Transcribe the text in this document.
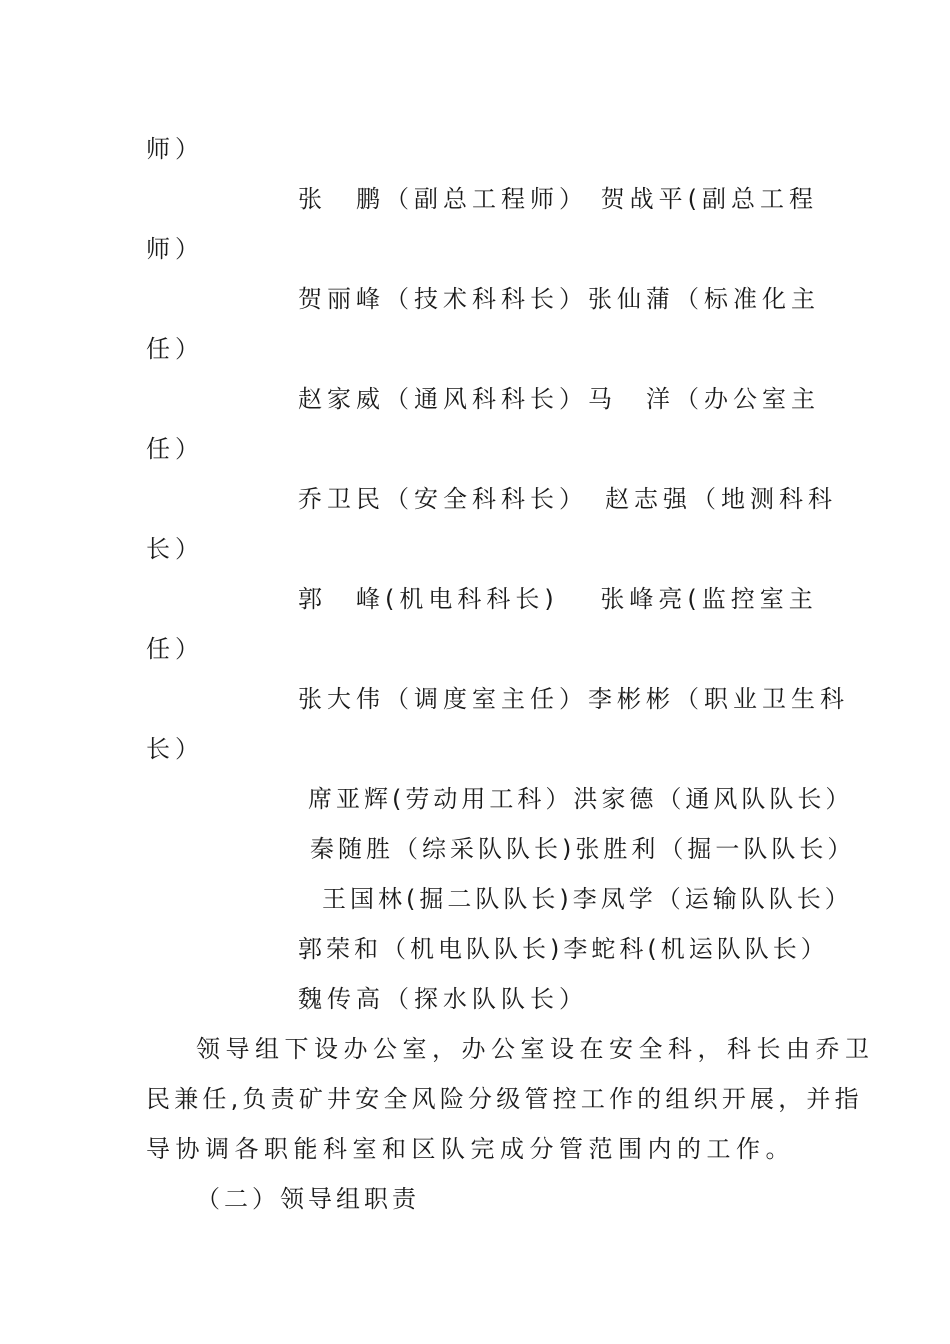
师）

张　鹏（副总工程师） 贺战平(副总工程

师）

贺丽峰（技术科科长）张仙蒲（标准化主

任）

赵家威（通风科科长）马　洋（办公室主

任）

乔卫民（安全科科长）　赵志强（地测科科

长）

郭　峰(机电科科长)　 张峰亮(监控室主

任）

张大伟（调度室主任）李彬彬（职业卫生科

长）

席亚辉(劳动用工科）洪家德（通风队队长）

秦随胜（综采队队长)张胜利（掘一队队长）

王国林(掘二队队长)李凤学（运输队队长）

郭荣和（机电队队长)李蛇科(机运队队长）

魏传高（探水队队长）

领导组下设办公室，办公室设在安全科，科长由乔卫

民兼任,负责矿井安全风险分级管控工作的组织开展，并指

导协调各职能科室和区队完成分管范围内的工作。

（二）领导组职责
